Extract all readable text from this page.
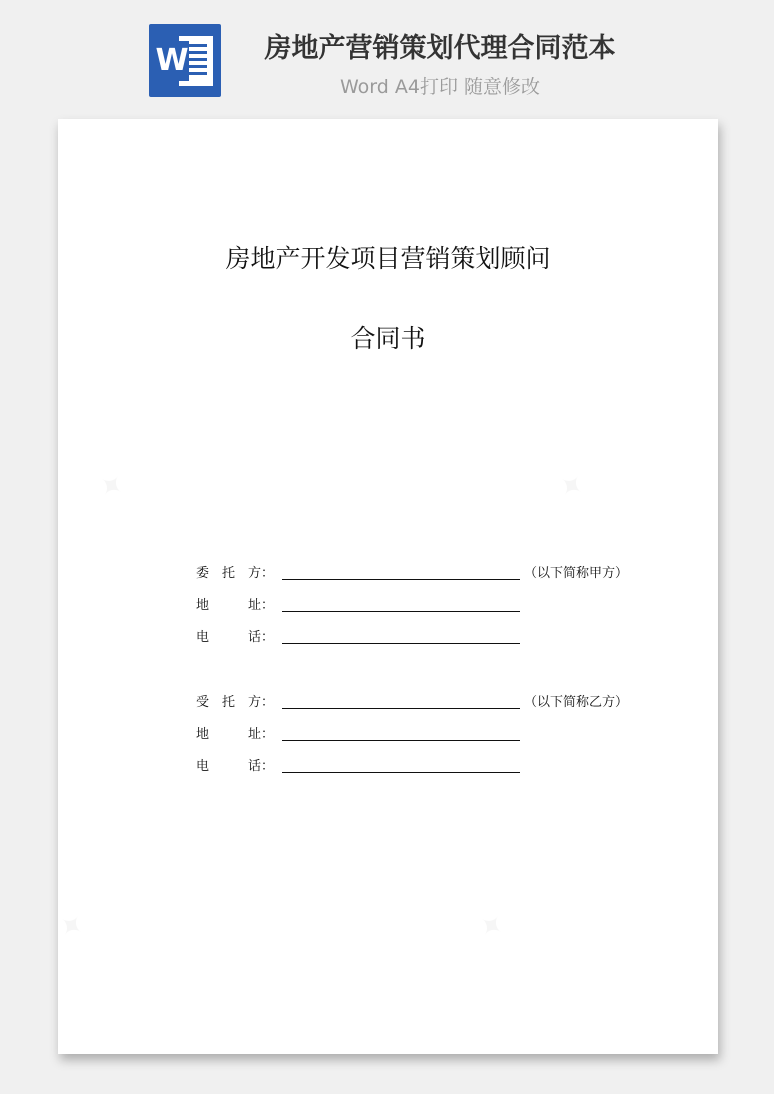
W	房地产营销策划代理合同范本
Word A4打印 随意修改
房地产开发项目营销策划顾问
合同书
委　托　方：	（以下简称甲方）
地　　　址：
电　　　话：
受　托　方：	（以下简称乙方）
地　　　址：
电　　　话：
